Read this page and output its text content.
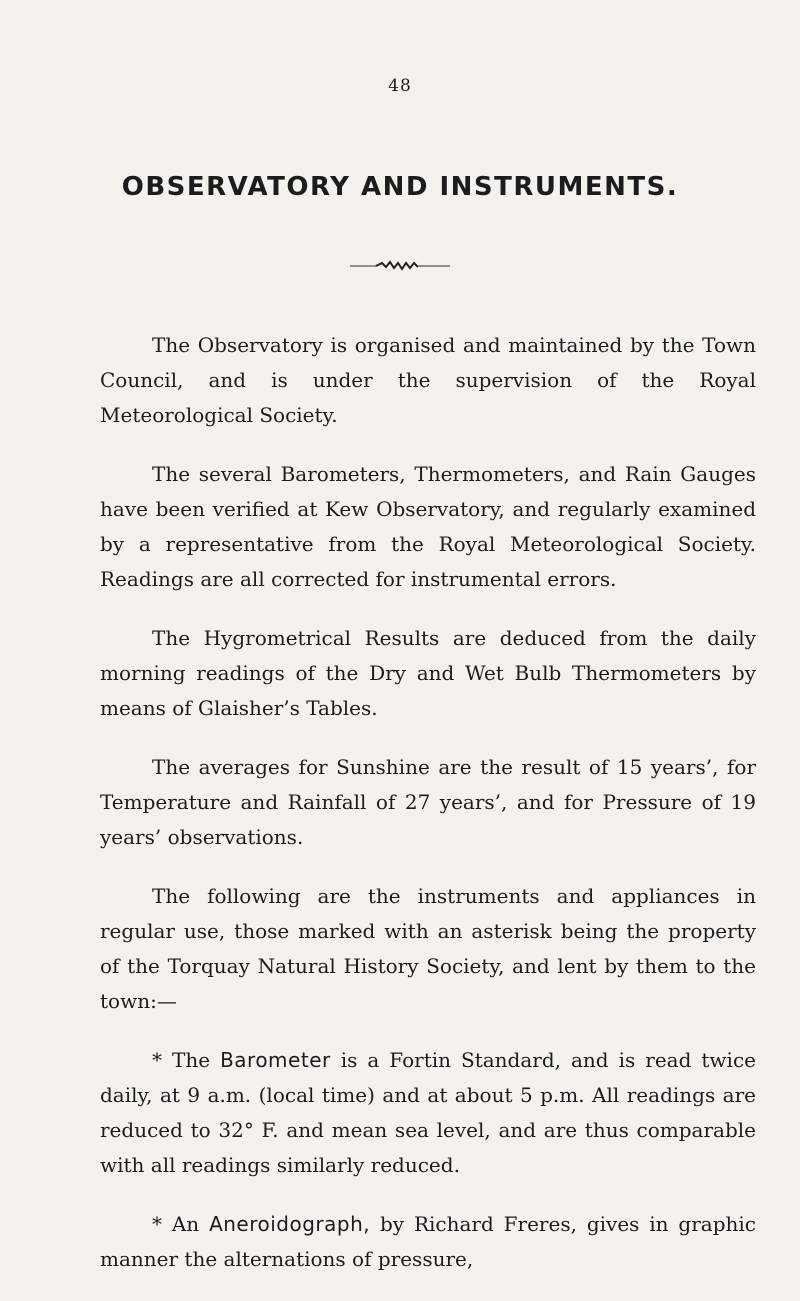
48
OBSERVATORY AND INSTRUMENTS.

The Observatory is organised and maintained by the Town Council, and is under the supervision of the Royal Meteorological Society.

The several Barometers, Thermometers, and Rain Gauges have been verified at Kew Observatory, and regularly examined by a representative from the Royal Meteorological Society. Readings are all corrected for instrumental errors.

The Hygrometrical Results are deduced from the daily morning readings of the Dry and Wet Bulb Thermometers by means of Glaisher’s Tables.

The averages for Sunshine are the result of 15 years’, for Temperature and Rainfall of 27 years’, and for Pressure of 19 years’ observations.

The following are the instruments and appliances in regular use, those marked with an asterisk being the property of the Torquay Natural History Society, and lent by them to the town:—

* The Barometer is a Fortin Standard, and is read twice daily, at 9 a.m. (local time) and at about 5 p.m. All readings are reduced to 32° F. and mean sea level, and are thus comparable with all readings similarly reduced.

* An Aneroidograph, by Richard Freres, gives in graphic manner the alternations of pressure,
